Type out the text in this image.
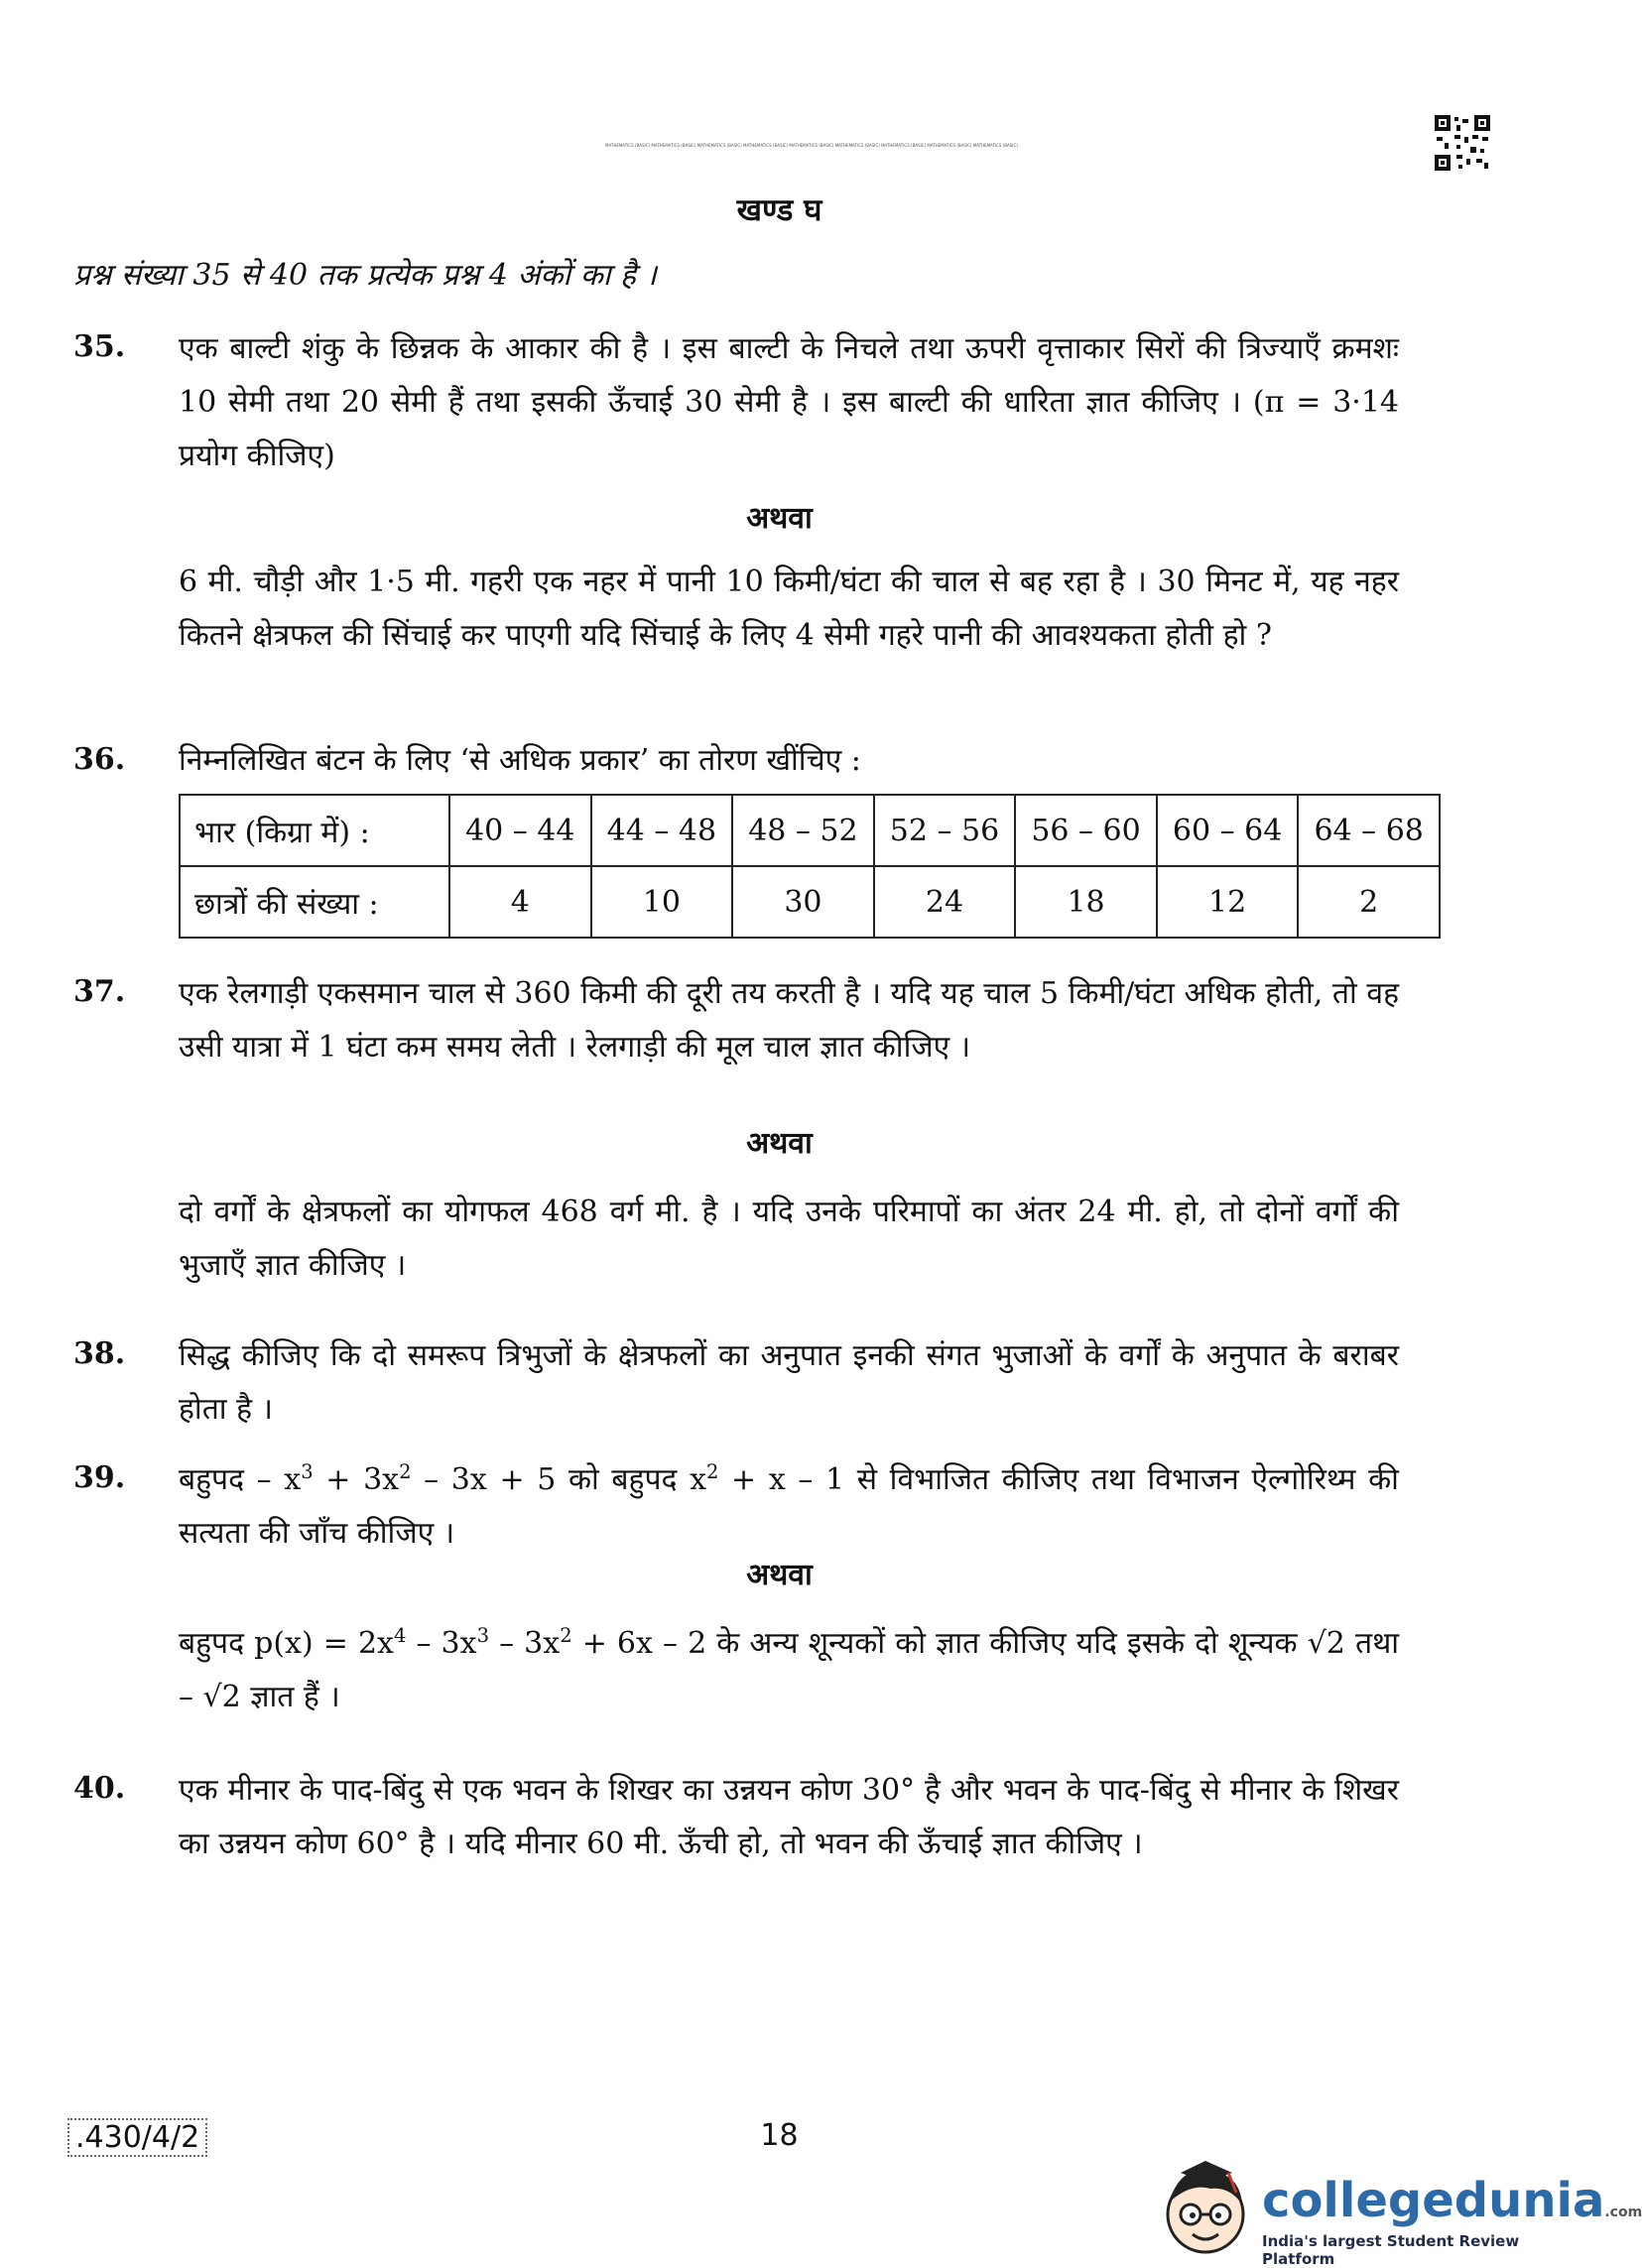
MATHEMATICS (BASIC) MATHEMATICS (BASIC) MATHEMATICS (BASIC) MATHEMATICS (BASIC) MATHEMATICS (BASIC) MATHEMATICS (BASIC) MATHEMATICS (BASIC) MATHEMATICS (BASIC) MATHEMATICS (BASIC)
खण्ड घ
प्रश्न संख्या 35 से 40 तक प्रत्येक प्रश्न 4 अंकों का है ।
35. एक बाल्टी शंकु के छिन्नक के आकार की है । इस बाल्टी के निचले तथा ऊपरी वृत्ताकार सिरों की त्रिज्याएँ क्रमशः 10 सेमी तथा 20 सेमी हैं तथा इसकी ऊँचाई 30 सेमी है । इस बाल्टी की धारिता ज्ञात कीजिए । (π = 3·14 प्रयोग कीजिए)
अथवा
6 मी. चौड़ी और 1·5 मी. गहरी एक नहर में पानी 10 किमी/घंटा की चाल से बह रहा है । 30 मिनट में, यह नहर कितने क्षेत्रफल की सिंचाई कर पाएगी यदि सिंचाई के लिए 4 सेमी गहरे पानी की आवश्यकता होती हो ?
36. निम्नलिखित बंटन के लिए ‘से अधिक प्रकार’ का तोरण खींचिए :
भार (किग्रा में) :	40 – 44	44 – 48	48 – 52	52 – 56	56 – 60	60 – 64	64 – 68
छात्रों की संख्या :	4	10	30	24	18	12	2
37. एक रेलगाड़ी एकसमान चाल से 360 किमी की दूरी तय करती है । यदि यह चाल 5 किमी/घंटा अधिक होती, तो वह उसी यात्रा में 1 घंटा कम समय लेती । रेलगाड़ी की मूल चाल ज्ञात कीजिए ।
अथवा
दो वर्गों के क्षेत्रफलों का योगफल 468 वर्ग मी. है । यदि उनके परिमापों का अंतर 24 मी. हो, तो दोनों वर्गों की भुजाएँ ज्ञात कीजिए ।
38. सिद्ध कीजिए कि दो समरूप त्रिभुजों के क्षेत्रफलों का अनुपात इनकी संगत भुजाओं के वर्गों के अनुपात के बराबर होता है ।
39. बहुपद – $x^3 + 3x^2 - 3x + 5$ को बहुपद $x^2 + x - 1$ से विभाजित कीजिए तथा विभाजन ऐल्गोरिथ्म की सत्यता की जाँच कीजिए ।
अथवा
बहुपद $p(x) = 2x^4 - 3x^3 - 3x^2 + 6x - 2$ के अन्य शून्यकों को ज्ञात कीजिए यदि इसके दो शून्यक √2 तथा – √2 ज्ञात हैं ।
40. एक मीनार के पाद-बिंदु से एक भवन के शिखर का उन्नयन कोण 30° है और भवन के पाद-बिंदु से मीनार के शिखर का उन्नयन कोण 60° है । यदि मीनार 60 मी. ऊँची हो, तो भवन की ऊँचाई ज्ञात कीजिए ।
.430/4/2	18
collegedunia.com
India's largest Student Review Platform
